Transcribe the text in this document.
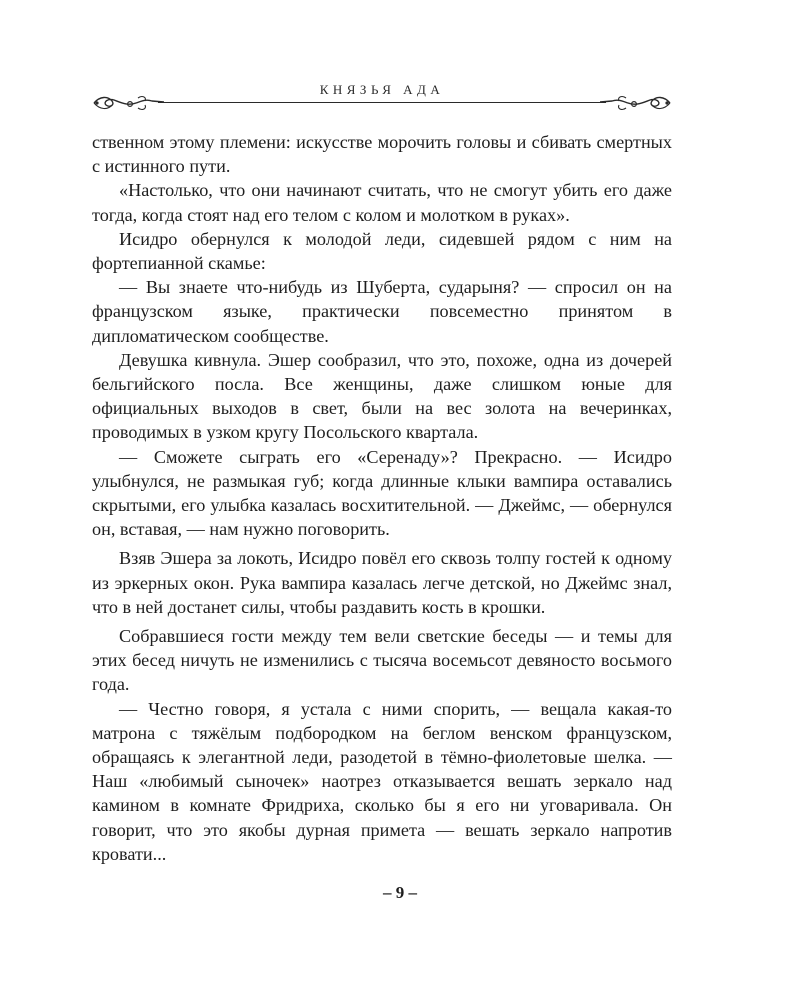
КНЯЗЬЯ АДА

ственном этому племени: искусстве морочить головы и сбивать смертных с истинного пути.

«Настолько, что они начинают считать, что не смогут убить его даже тогда, когда стоят над его телом с колом и молотком в руках».

Исидро обернулся к молодой леди, сидевшей рядом с ним на фортепианной скамье:

— Вы знаете что-нибудь из Шуберта, сударыня? — спросил он на французском языке, практически повсеместно принятом в дипломатическом сообществе.

Девушка кивнула. Эшер сообразил, что это, похоже, одна из дочерей бельгийского посла. Все женщины, даже слишком юные для официальных выходов в свет, были на вес золота на вечеринках, проводимых в узком кругу Посольского квартала.

— Сможете сыграть его «Серенаду»? Прекрасно. — Исидро улыбнулся, не размыкая губ; когда длинные клыки вампира оставались скрытыми, его улыбка казалась восхитительной. — Джеймс, — обернулся он, вставая, — нам нужно поговорить.

Взяв Эшера за локоть, Исидро повёл его сквозь толпу гостей к одному из эркерных окон. Рука вампира казалась легче детской, но Джеймс знал, что в ней достанет силы, чтобы раздавить кость в крошки.

Собравшиеся гости между тем вели светские беседы — и темы для этих бесед ничуть не изменились с тысяча восемьсот девяносто восьмого года.

— Честно говоря, я устала с ними спорить, — вещала какая-то матрона с тяжёлым подбородком на беглом венском французском, обращаясь к элегантной леди, разодетой в тёмно-фиолетовые шелка. — Наш «любимый сыночек» наотрез отказывается вешать зеркало над камином в комнате Фридриха, сколько бы я его ни уговаривала. Он говорит, что это якобы дурная примета — вешать зеркало напротив кровати...

– 9 –
